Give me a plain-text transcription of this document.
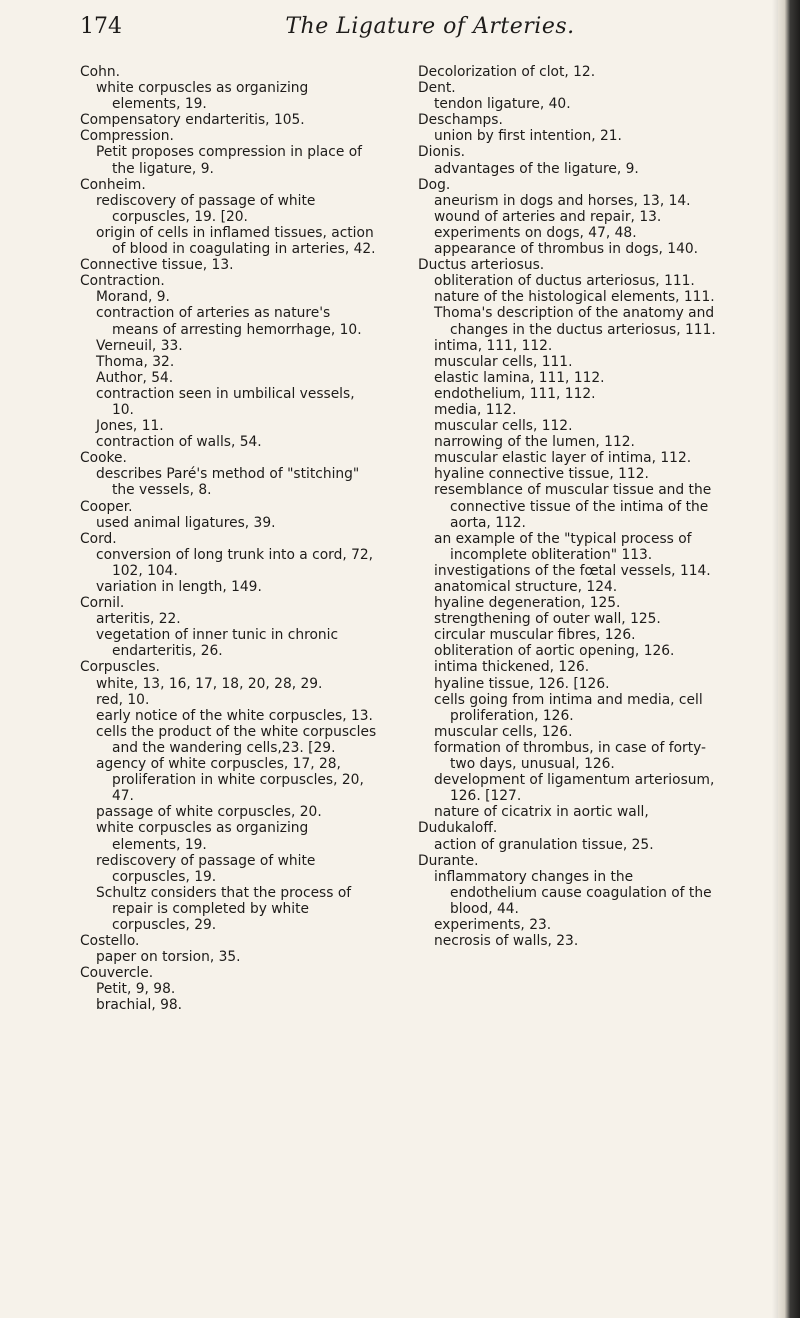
174	The Ligature of Arteries.
Cohn.
white corpuscles as organizing elements, 19.
Compensatory endarteritis, 105.
Compression.
Petit proposes compression in place of the ligature, 9.
Conheim.
rediscovery of passage of white corpuscles, 19. [20.
origin of cells in inflamed tissues, action of blood in coagulating in arteries, 42.
Connective tissue, 13.
Contraction.
Morand, 9.
contraction of arteries as nature's means of arresting hemorrhage, 10.
Verneuil, 33.
Thoma, 32.
Author, 54.
contraction seen in umbilical vessels, 10.
Jones, 11.
contraction of walls, 54.
Cooke.
describes Paré's method of "stitching" the vessels, 8.
Cooper.
used animal ligatures, 39.
Cord.
conversion of long trunk into a cord, 72, 102, 104.
variation in length, 149.
Cornil.
arteritis, 22.
vegetation of inner tunic in chronic endarteritis, 26.
Corpuscles.
white, 13, 16, 17, 18, 20, 28, 29.
red, 10.
early notice of the white corpuscles, 13.
cells the product of the white corpuscles and the wandering cells,23. [29.
agency of white corpuscles, 17, 28, proliferation in white corpuscles, 20, 47.
passage of white corpuscles, 20.
white corpuscles as organizing elements, 19.
rediscovery of passage of white corpuscles, 19.
Schultz considers that the process of repair is completed by white corpuscles, 29.
Costello.
paper on torsion, 35.
Couvercle.
Petit, 9, 98.
brachial, 98.
Decolorization of clot, 12.
Dent.
tendon ligature, 40.
Deschamps.
union by first intention, 21.
Dionis.
advantages of the ligature, 9.
Dog.
aneurism in dogs and horses, 13, 14.
wound of arteries and repair, 13.
experiments on dogs, 47, 48.
appearance of thrombus in dogs, 140.
Ductus arteriosus.
obliteration of ductus arteriosus, 111.
nature of the histological elements, 111.
Thoma's description of the anatomy and changes in the ductus arteriosus, 111.
intima, 111, 112.
muscular cells, 111.
elastic lamina, 111, 112.
endothelium, 111, 112.
media, 112.
muscular cells, 112.
narrowing of the lumen, 112.
muscular elastic layer of intima, 112.
hyaline connective tissue, 112.
resemblance of muscular tissue and the connective tissue of the intima of the aorta, 112.
an example of the "typical process of incomplete obliteration" 113.
investigations of the fœtal vessels, 114.
anatomical structure, 124.
hyaline degeneration, 125.
strengthening of outer wall, 125.
circular muscular fibres, 126.
obliteration of aortic opening, 126.
intima thickened, 126.
hyaline tissue, 126. [126.
cells going from intima and media, cell proliferation, 126.
muscular cells, 126.
formation of thrombus, in case of forty-two days, unusual, 126.
development of ligamentum arteriosum, 126. [127.
nature of cicatrix in aortic wall,
Dudukaloff.
action of granulation tissue, 25.
Durante.
inflammatory changes in the endothelium cause coagulation of the blood, 44.
experiments, 23.
necrosis of walls, 23.
